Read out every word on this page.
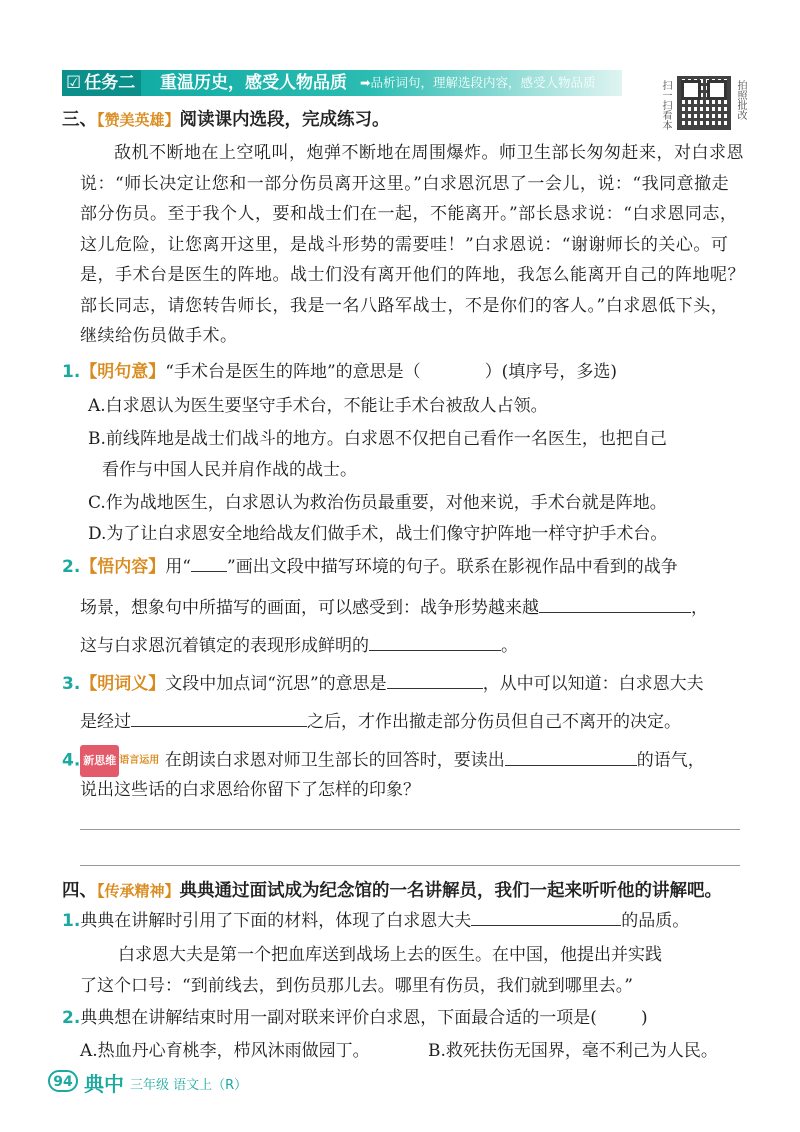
☑ 任务二 重温历史，感受人物品质 ➡品析词句，理解选段内容，感受人物品质	扫一扫看本	拍照批改
三、【赞美英雄】阅读课内选段，完成练习。
敌机不断地在上空吼叫，炮弹不断地在周围爆炸。师卫生部长匆匆赶来，对白求恩说：“师长决定让您和一部分伤员离开这里。”白求恩沉思了一会儿，说：“我同意撤走部分伤员。至于我个人，要和战士们在一起，不能离开。”部长恳求说：“白求恩同志，这儿危险，让您离开这里，是战斗形势的需要哇！”白求恩说：“谢谢师长的关心。可是，手术台是医生的阵地。战士们没有离开他们的阵地，我怎么能离开自己的阵地呢？部长同志，请您转告师长，我是一名八路军战士，不是你们的客人。”白求恩低下头，继续给伤员做手术。
1.【明句意】“手术台是医生的阵地”的意思是（	）(填序号，多选)
A.白求恩认为医生要坚守手术台，不能让手术台被敌人占领。
B.前线阵地是战士们战斗的地方。白求恩不仅把自己看作一名医生，也把自己
看作与中国人民并肩作战的战士。
C.作为战地医生，白求恩认为救治伤员最重要，对他来说，手术台就是阵地。
D.为了让白求恩安全地给战友们做手术，战士们像守护阵地一样守护手术台。
2.【悟内容】用“ ”画出文段中描写环境的句子。联系在影视作品中看到的战争
场景，想象句中所描写的画面，可以感受到：战争形势越来越	，
这与白求恩沉着镇定的表现形成鲜明的	。
3.【明词义】文段中加点词“沉思”的意思是	，从中可以知道：白求恩大夫
是经过	之后，才作出撤走部分伤员但自己不离开的决定。
4. 新思维 语言运用 在朗读白求恩对师卫生部长的回答时，要读出	的语气，
说出这些话的白求恩给你留下了怎样的印象？
四、【传承精神】典典通过面试成为纪念馆的一名讲解员，我们一起来听听他的讲解吧。
1.典典在讲解时引用了下面的材料，体现了白求恩大夫	的品质。
白求恩大夫是第一个把血库送到战场上去的医生。在中国，他提出并实践
了这个口号：“到前线去，到伤员那儿去。哪里有伤员，我们就到哪里去。”
2.典典想在讲解结束时用一副对联来评价白求恩，下面最合适的一项是(	)
A.热血丹心育桃李，栉风沐雨做园丁。	B.救死扶伤无国界，毫不利己为人民。
94 典中 三年级 语文上（R）
